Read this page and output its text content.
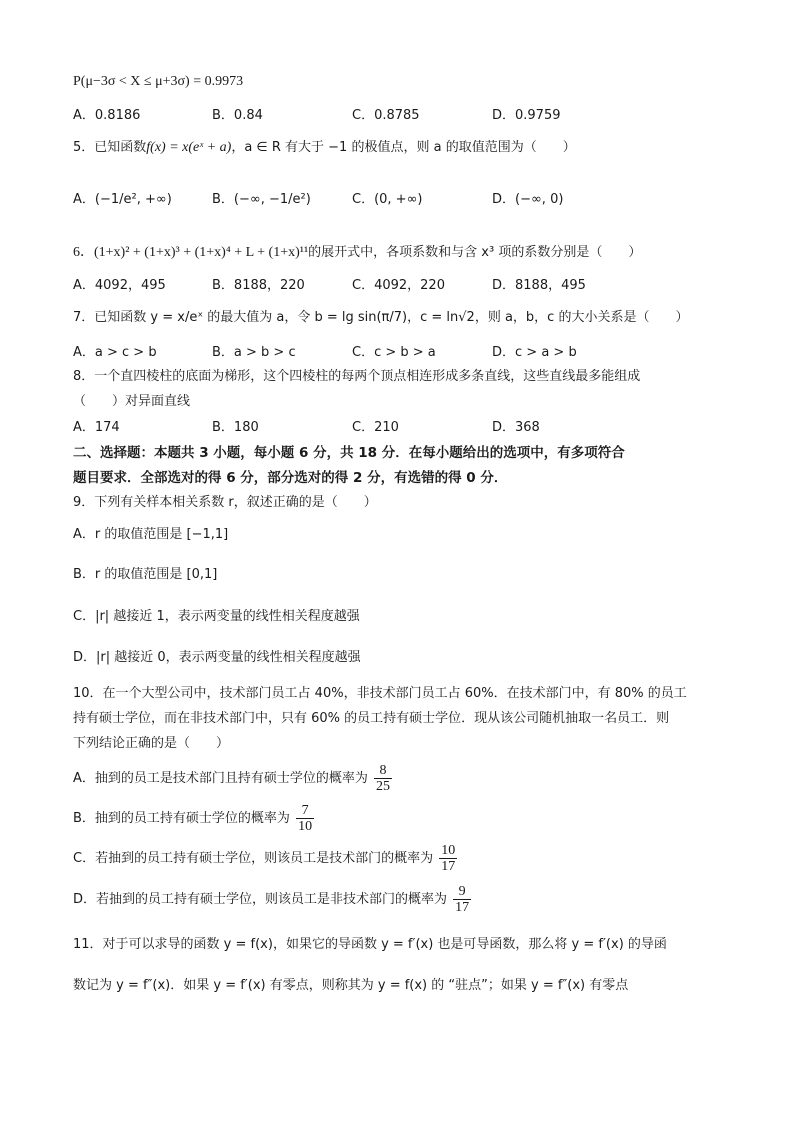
P(μ−3σ < X ≤ μ+3σ) = 0.9973
A．0.8186	B．0.84	C．0.8785	D．0.9759
5．已知函数f(x) = x(eˣ + a)，a ∈ R 有大于 −1 的极值点，则 a 的取值范围为（　　）
A．(−1/e², +∞)	B．(−∞, −1/e²)	C．(0, +∞)	D．(−∞, 0)
6．(1+x)² + (1+x)³ + (1+x)⁴ + L + (1+x)¹¹的展开式中，各项系数和与含 x³ 项的系数分别是（　　）
A．4092，495	B．8188，220	C．4092，220	D．8188，495
7．已知函数 y = x/eˣ 的最大值为 a，令 b = lg sin(π/7)，c = ln√2，则 a，b，c 的大小关系是（　　）
A．a > c > b	B．a > b > c	C．c > b > a	D．c > a > b
8．一个直四棱柱的底面为梯形，这个四棱柱的每两个顶点相连形成多条直线，这些直线最多能组成
（　　）对异面直线
A．174	B．180	C．210	D．368
二、选择题：本题共 3 小题，每小题 6 分，共 18 分．在每小题给出的选项中，有多项符合
题目要求．全部选对的得 6 分，部分选对的得 2 分，有选错的得 0 分．
9．下列有关样本相关系数 r，叙述正确的是（　　）
A．r 的取值范围是 [−1,1]
B．r 的取值范围是 [0,1]
C．|r| 越接近 1，表示两变量的线性相关程度越强
D．|r| 越接近 0，表示两变量的线性相关程度越强
10．在一个大型公司中，技术部门员工占 40%，非技术部门员工占 60%．在技术部门中，有 80% 的员工
持有硕士学位，而在非技术部门中，只有 60% 的员工持有硕士学位．现从该公司随机抽取一名员工．则
下列结论正确的是（　　）
A．抽到的员工是技术部门且持有硕士学位的概率为 $\frac{8}{25}$
B．抽到的员工持有硕士学位的概率为 $\frac{7}{10}$
C．若抽到的员工持有硕士学位，则该员工是技术部门的概率为 $\frac{10}{17}$
D．若抽到的员工持有硕士学位，则该员工是非技术部门的概率为 $\frac{9}{17}$
11．对于可以求导的函数 y = f(x)，如果它的导函数 y = f′(x) 也是可导函数，那么将 y = f′(x) 的导函
数记为 y = f″(x)．如果 y = f′(x) 有零点，则称其为 y = f(x) 的 “驻点”；如果 y = f″(x) 有零点
